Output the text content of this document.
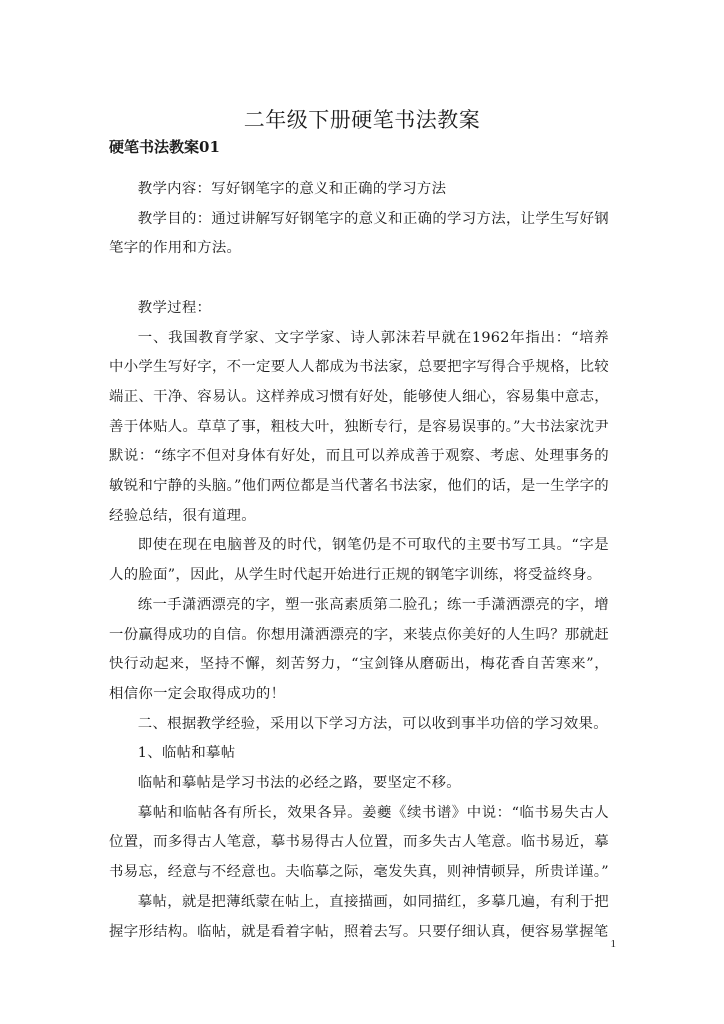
二年级下册硬笔书法教案
硬笔书法教案01

教学内容：写好钢笔字的意义和正确的学习方法

教学目的：通过讲解写好钢笔字的意义和正确的学习方法，让学生写好钢笔字的作用和方法。

教学过程：

一、我国教育学家、文字学家、诗人郭沫若早就在1962年指出：“培养中小学生写好字，不一定要人人都成为书法家，总要把字写得合乎规格，比较端正、干净、容易认。这样养成习惯有好处，能够使人细心，容易集中意志，善于体贴人。草草了事，粗枝大叶，独断专行，是容易误事的。”大书法家沈尹默说：“练字不但对身体有好处，而且可以养成善于观察、考虑、处理事务的敏锐和宁静的头脑。”他们两位都是当代著名书法家，他们的话，是一生学字的经验总结，很有道理。

即使在现在电脑普及的时代，钢笔仍是不可取代的主要书写工具。“字是人的脸面”，因此，从学生时代起开始进行正规的钢笔字训练，将受益终身。

练一手潇洒漂亮的字，塑一张高素质第二脸孔；练一手潇洒漂亮的字，增一份赢得成功的自信。你想用潇洒漂亮的字，来装点你美好的人生吗？那就赶快行动起来，坚持不懈，刻苦努力，“宝剑锋从磨砺出，梅花香自苦寒来”，相信你一定会取得成功的！

二、根据教学经验，采用以下学习方法，可以收到事半功倍的学习效果。

1、临帖和摹帖

临帖和摹帖是学习书法的必经之路，要坚定不移。

摹帖和临帖各有所长，效果各异。姜夔《续书谱》中说：“临书易失古人位置，而多得古人笔意，摹书易得古人位置，而多失古人笔意。临书易近，摹书易忘，经意与不经意也。夫临摹之际，毫发失真，则神情顿异，所贵详谨。”

摹帖，就是把薄纸蒙在帖上，直接描画，如同描红，多摹几遍，有利于把握字形结构。临帖，就是看着字帖，照着去写。只要仔细认真，便容易掌握笔

1
